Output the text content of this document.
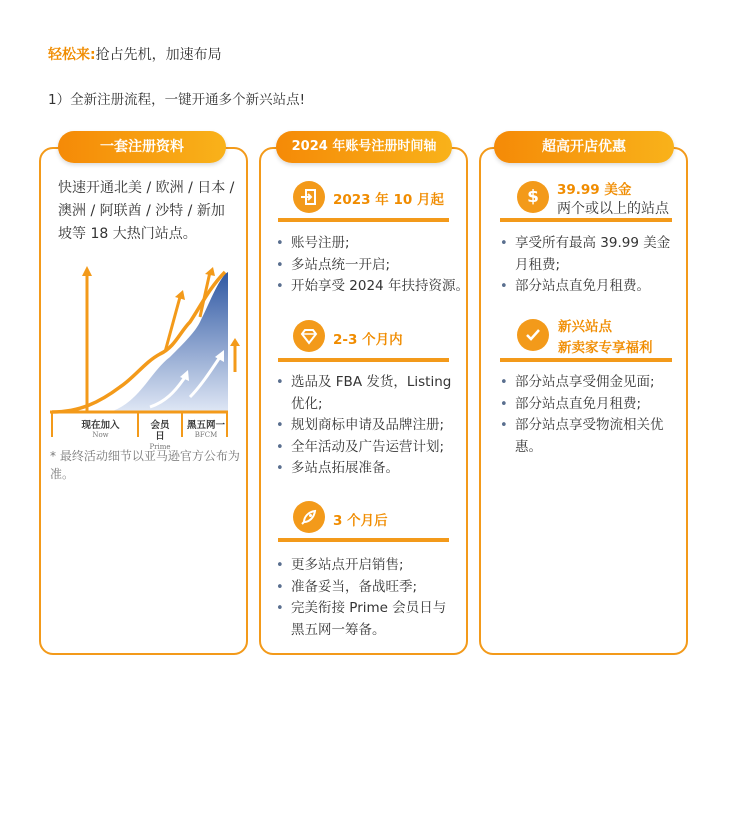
轻松来:抢占先机，加速布局
1）全新注册流程，一键开通多个新兴站点!
一套注册资料
快速开通北美 / 欧洲 / 日本 / 澳洲 / 阿联酋 / 沙特 / 新加坡等 18 大热门站点。
现在加入
Now
会员日
Prime
黑五网一
BFCM
* 最终活动细节以亚马逊官方公布为准。
2024 年账号注册时间轴
2023 年 10 月起
• 账号注册;
• 多站点统一开启;
• 开始享受 2024 年扶持资源。
2-3 个月内
• 选品及 FBA 发货，Listing 优化;
• 规划商标申请及品牌注册;
• 全年活动及广告运营计划;
• 多站点拓展准备。
3 个月后
• 更多站点开启销售;
• 准备妥当，备战旺季;
• 完美衔接 Prime 会员日与黑五网一筹备。
超高开店优惠
$ 39.99 美金
两个或以上的站点
• 享受所有最高 39.99 美金月租费;
• 部分站点直免月租费。
新兴站点
新卖家专享福利
• 部分站点享受佣金见面;
• 部分站点直免月租费;
• 部分站点享受物流相关优惠。
